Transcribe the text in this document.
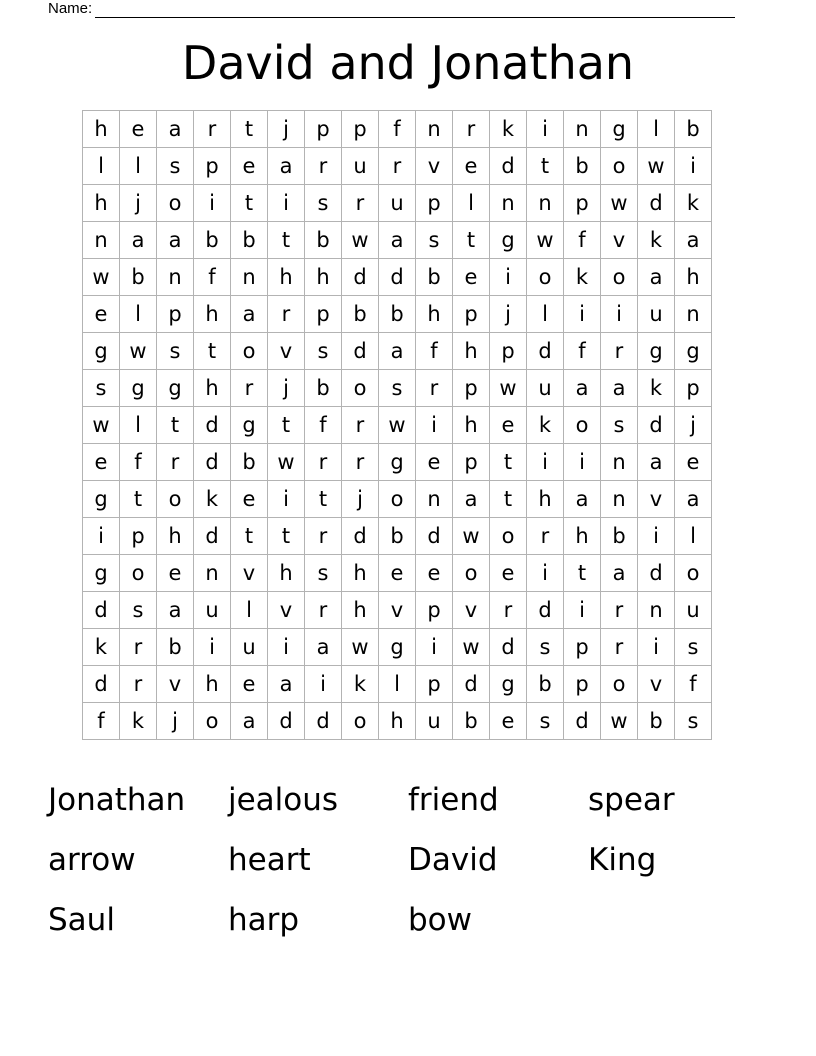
Name:
David and Jonathan
h	e	a	r	t	j	p	p	f	n	r	k	i	n	g	l	b
l	l	s	p	e	a	r	u	r	v	e	d	t	b	o	w	i
h	j	o	i	t	i	s	r	u	p	l	n	n	p	w	d	k
n	a	a	b	b	t	b	w	a	s	t	g	w	f	v	k	a
w	b	n	f	n	h	h	d	d	b	e	i	o	k	o	a	h
e	l	p	h	a	r	p	b	b	h	p	j	l	i	i	u	n
g	w	s	t	o	v	s	d	a	f	h	p	d	f	r	g	g
s	g	g	h	r	j	b	o	s	r	p	w	u	a	a	k	p
w	l	t	d	g	t	f	r	w	i	h	e	k	o	s	d	j
e	f	r	d	b	w	r	r	g	e	p	t	i	i	n	a	e
g	t	o	k	e	i	t	j	o	n	a	t	h	a	n	v	a
i	p	h	d	t	t	r	d	b	d	w	o	r	h	b	i	l
g	o	e	n	v	h	s	h	e	e	o	e	i	t	a	d	o
d	s	a	u	l	v	r	h	v	p	v	r	d	i	r	n	u
k	r	b	i	u	i	a	w	g	i	w	d	s	p	r	i	s
d	r	v	h	e	a	i	k	l	p	d	g	b	p	o	v	f
f	k	j	o	a	d	d	o	h	u	b	e	s	d	w	b	s
Jonathan	jealous	friend	spear
arrow	heart	David	King
Saul	harp	bow
